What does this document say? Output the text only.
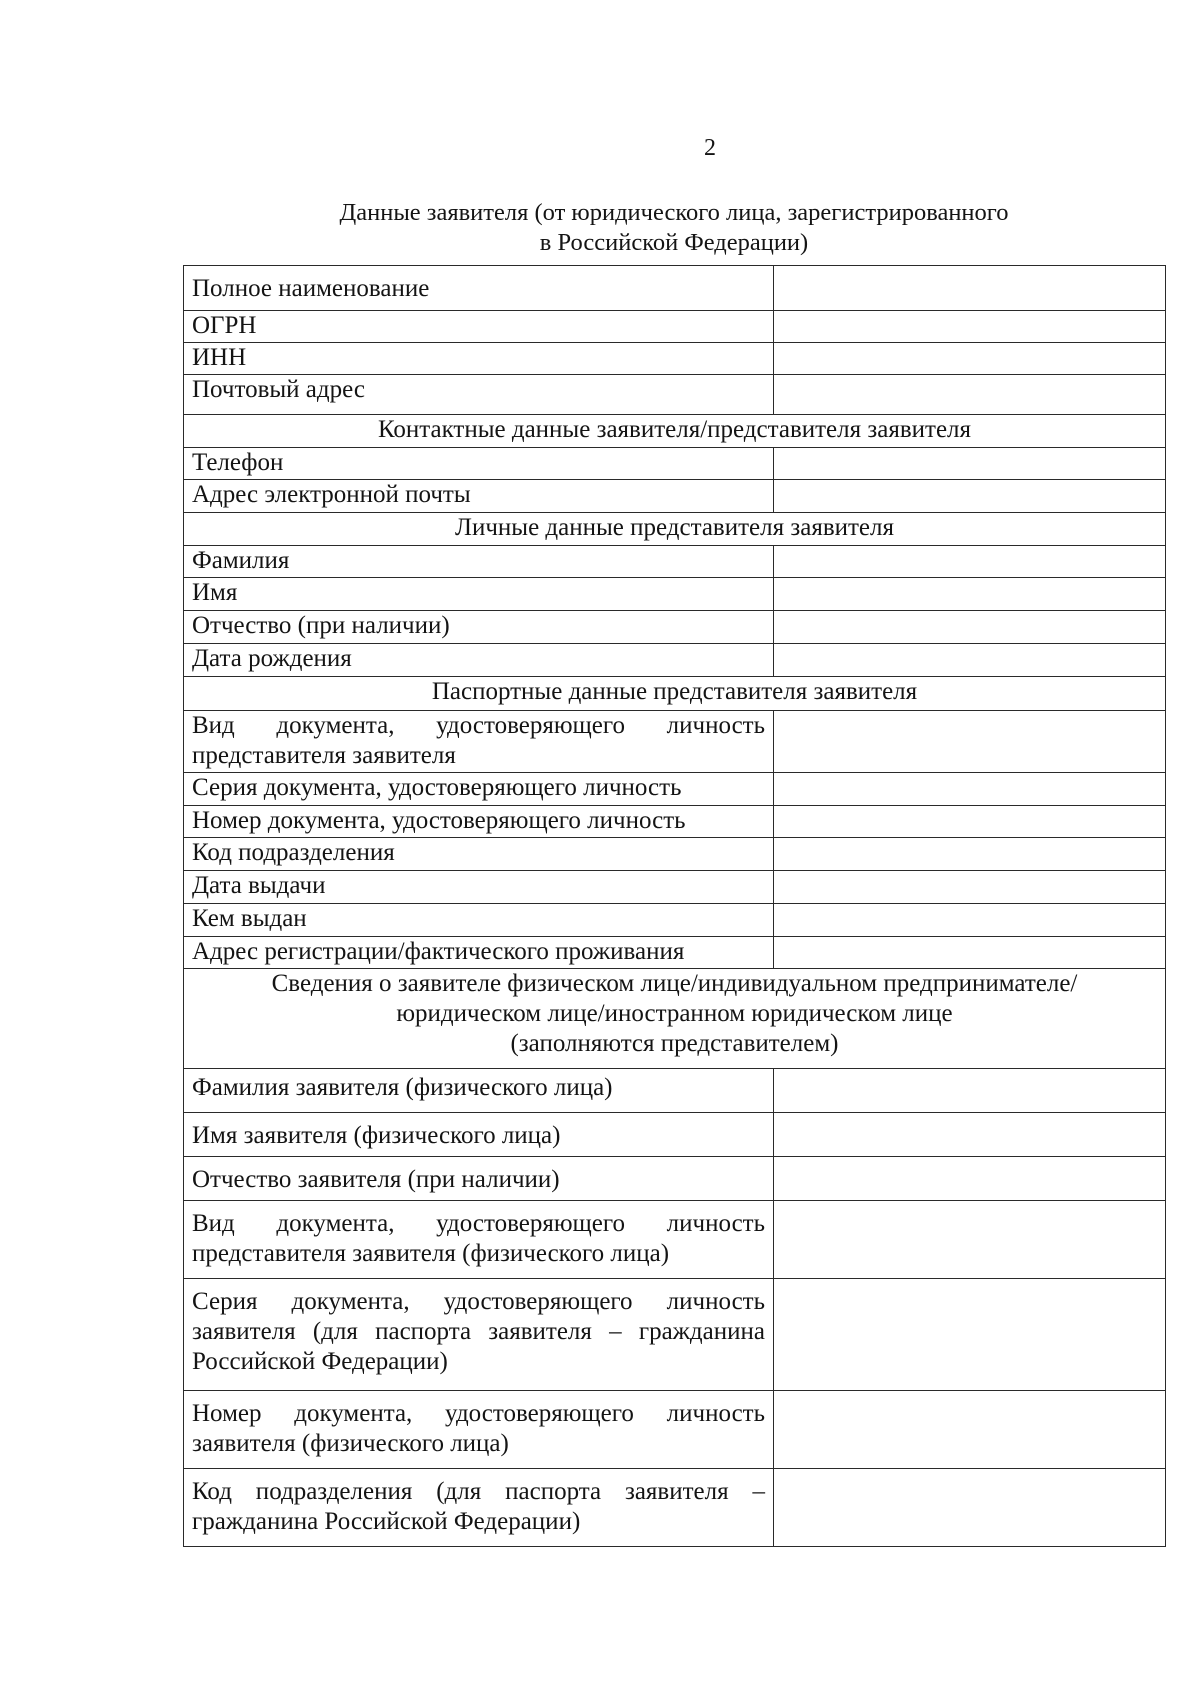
2
Данные заявителя (от юридического лица, зарегистрированного
в Российской Федерации)
Полное наименование	
ОГРН	
ИНН	
Почтовый адрес	
Контактные данные заявителя/представителя заявителя	
Телефон	
Адрес электронной почты	
Личные данные представителя заявителя	
Фамилия	
Имя	
Отчество (при наличии)	
Дата рождения	
Паспортные данные представителя заявителя	
Вид документа, удостоверяющего личность представителя заявителя	
Серия документа, удостоверяющего личность	
Номер документа, удостоверяющего личность	
Код подразделения	
Дата выдачи	
Кем выдан	
Адрес регистрации/фактического проживания	
Сведения о заявителе физическом лице/индивидуальном предпринимателе/
юридическом лице/иностранном юридическом лице
(заполняются представителем)	
Фамилия заявителя (физического лица)	
Имя заявителя (физического лица)	
Отчество заявителя (при наличии)	
Вид документа, удостоверяющего личность представителя заявителя (физического лица)	
Серия документа, удостоверяющего личность заявителя (для паспорта заявителя – гражданина Российской Федерации)	
Номер документа, удостоверяющего личность заявителя (физического лица)	
Код подразделения (для паспорта заявителя – гражданина Российской Федерации)	
